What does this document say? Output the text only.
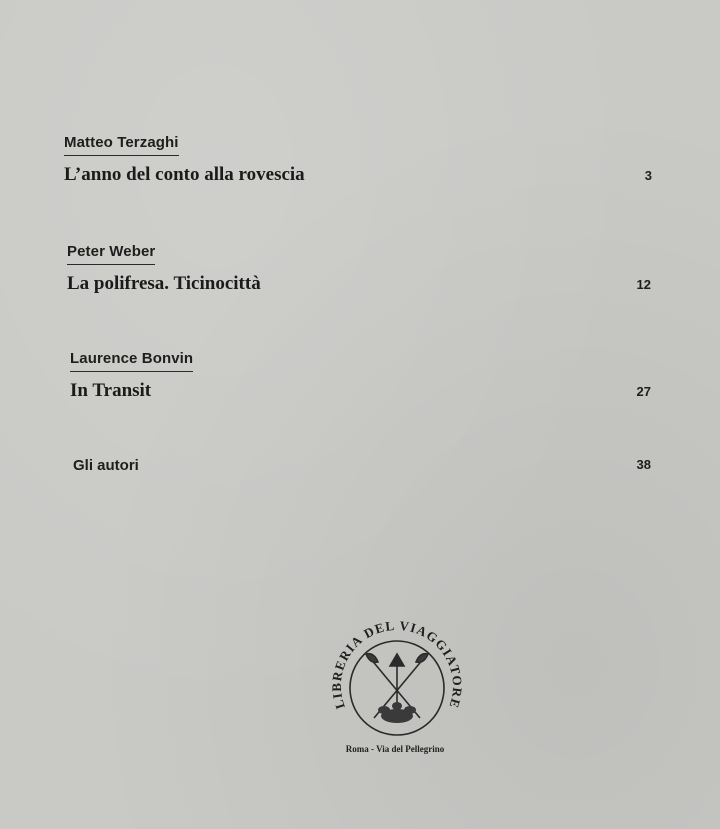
Matteo Terzaghi
L’anno del conto alla rovescia	3
Peter Weber
La polifresa. Ticinocittà	12
Laurence Bonvin
In Transit	27
Gli autori	38
LIBRERIA DEL VIAGGIATORE
Roma - Via del Pellegrino
